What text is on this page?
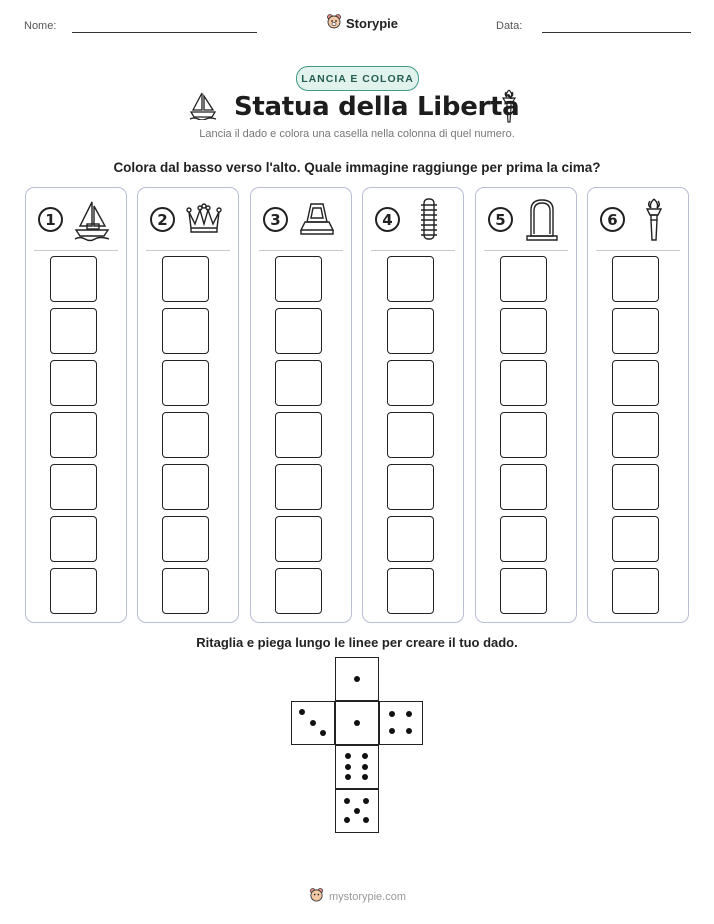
Nome:	Storypie	Data:
LANCIA E COLORA
Statua della Libertà
Lancia il dado e colora una casella nella colonna di quel numero.
Colora dal basso verso l'alto. Quale immagine raggiunge per prima la cima?
1	2	3	4	5	6
Ritaglia e piega lungo le linee per creare il tuo dado.
mystorypie.com
